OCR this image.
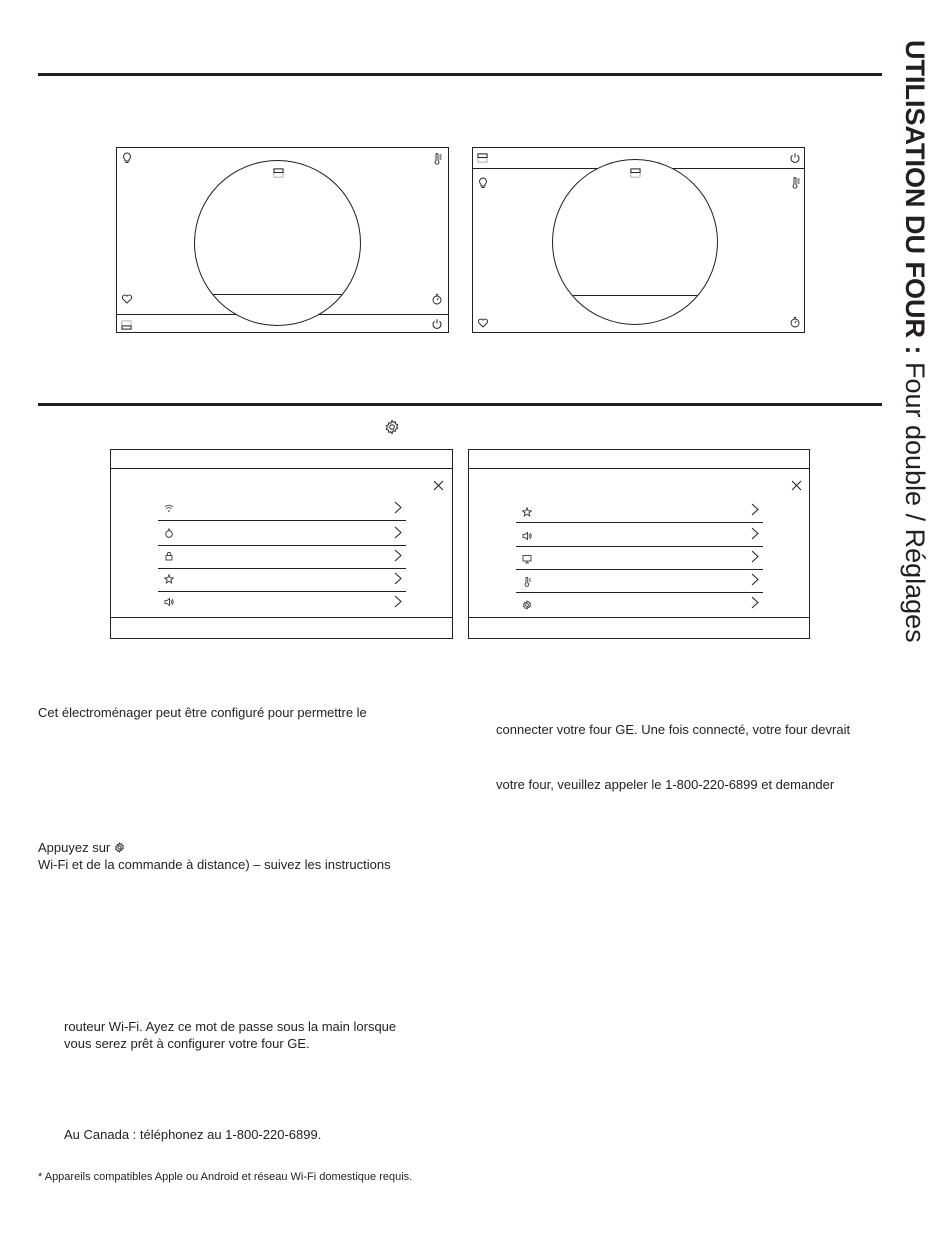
Cet électroménager peut être configuré pour permettre le
connecter votre four GE. Une fois connecté, votre four devrait
votre four, veuillez appeler le 1-800-220-6899 et demander
Appuyez sur
Wi-Fi et de la commande à distance) – suivez les instructions
routeur Wi-Fi. Ayez ce mot de passe sous la main lorsque
vous serez prêt à configurer votre four GE.
Au Canada : téléphonez au 1-800-220-6899.
* Appareils compatibles Apple ou Android et réseau Wi-Fi domestique requis.
UTILISATION DU FOUR : Four double / Réglages
